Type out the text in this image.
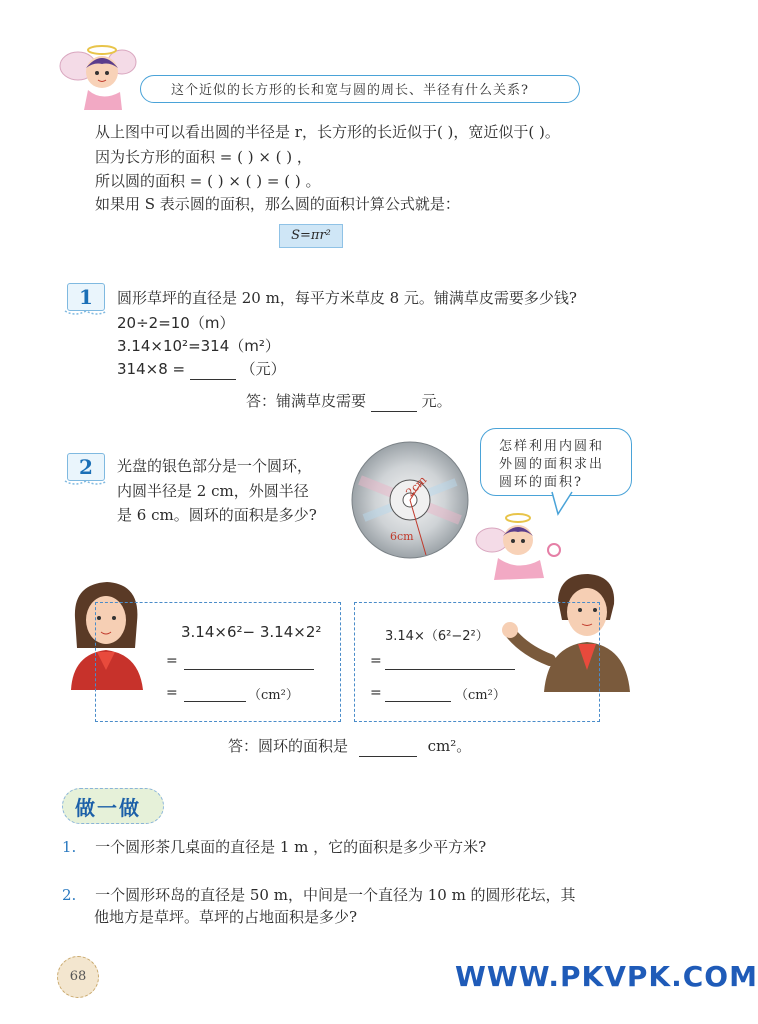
这个近似的长方形的长和宽与圆的周长、半径有什么关系?
从上图中可以看出圆的半径是 r，长方形的长近似于( )，宽近似于( )。
因为长方形的面积 = ( ) × ( ) ，
所以圆的面积 = ( ) × ( ) = ( ) 。
如果用 S 表示圆的面积，那么圆的面积计算公式就是：
S=πr²
1	圆形草坪的直径是 20 m，每平方米草皮 8 元。铺满草皮需要多少钱?
20÷2=10（m）
3.14×10²=314（m²）
314×8 =	（元）
答：铺满草皮需要	元。
2	光盘的银色部分是一个圆环，
内圆半径是 2 cm，外圆半径
是 6 cm。圆环的面积是多少?
2cm
6cm
怎样利用内圆和
外圆的面积求出
圆环的面积?
3.14×6²− 3.14×2²
=
=	（cm²）
3.14×（6²−2²）
=
=	（cm²）
答：圆环的面积是	cm²。
做一做
1. 一个圆形茶几桌面的直径是 1 m ，它的面积是多少平方米?
2. 一个圆形环岛的直径是 50 m，中间是一个直径为 10 m 的圆形花坛，其
他地方是草坪。草坪的占地面积是多少?
68	WWW.PKVPK.COM
